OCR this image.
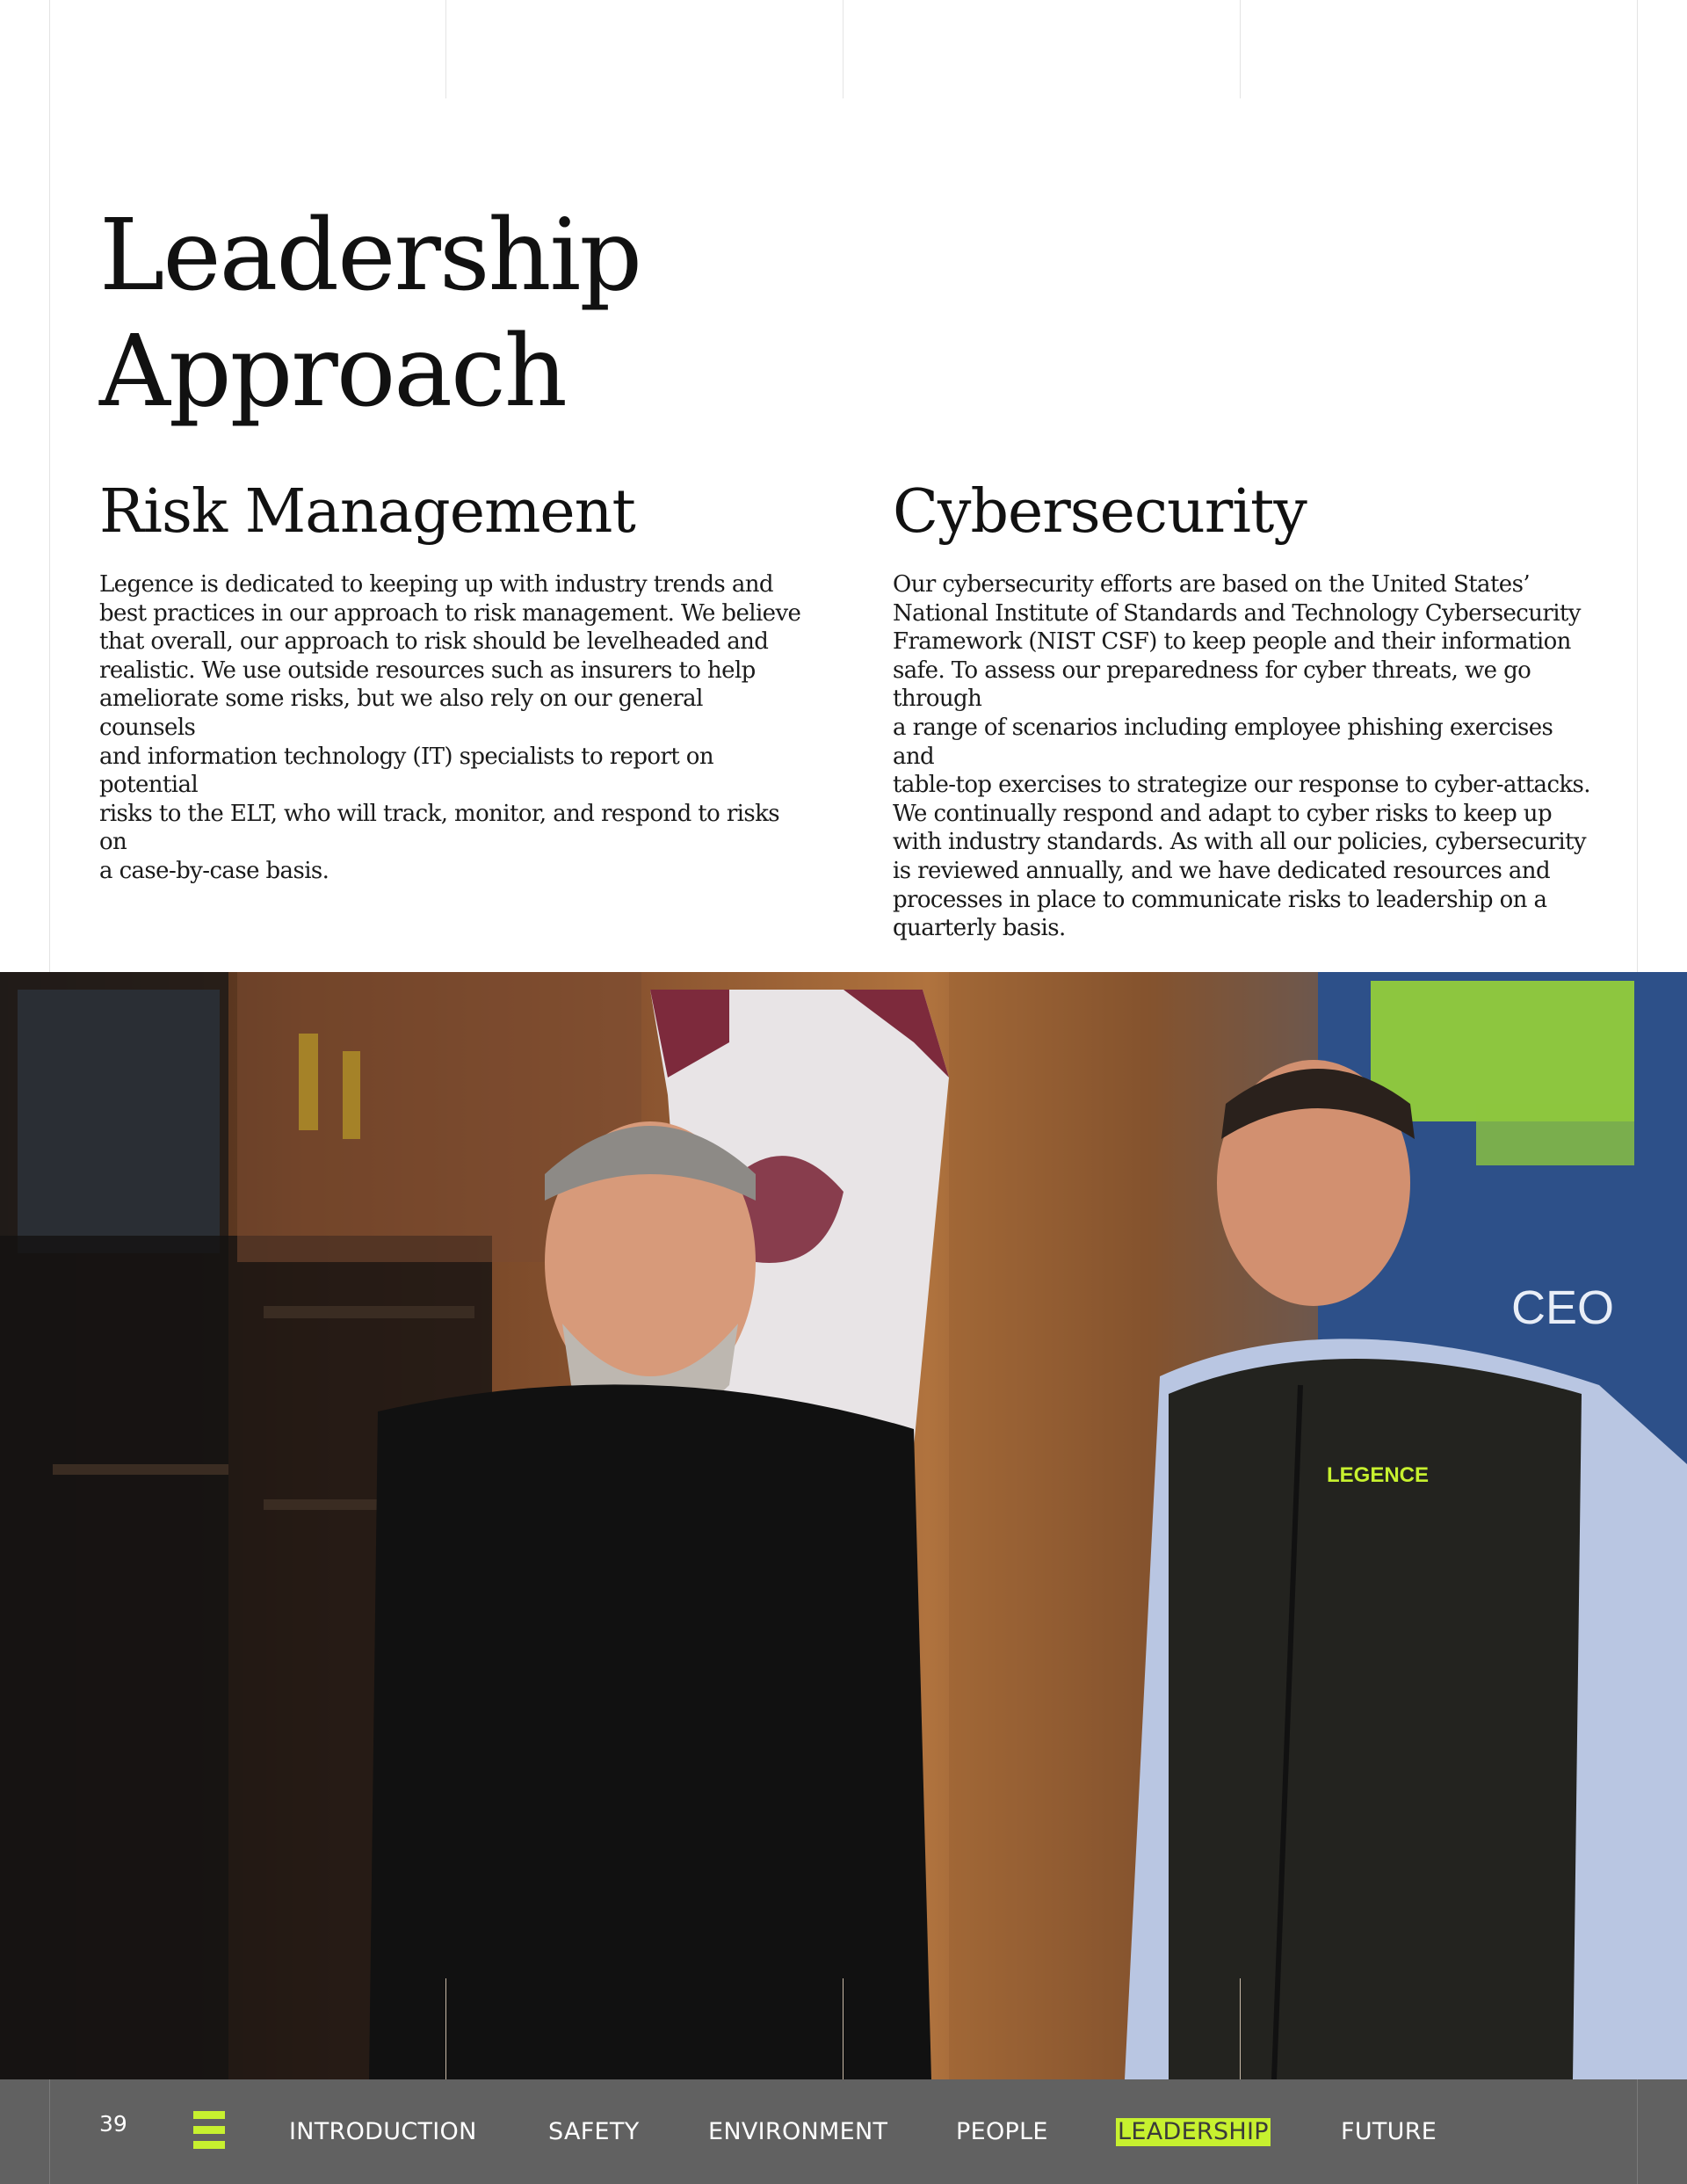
Leadership
Approach
Risk Management

Legence is dedicated to keeping up with industry trends and
best practices in our approach to risk management. We believe
that overall, our approach to risk should be levelheaded and
realistic. We use outside resources such as insurers to help
ameliorate some risks, but we also rely on our general counsels
and information technology (IT) specialists to report on potential
risks to the ELT, who will track, monitor, and respond to risks on
a case-by-case basis.

Cybersecurity

Our cybersecurity efforts are based on the United States’
National Institute of Standards and Technology Cybersecurity
Framework (NIST CSF) to keep people and their information
safe. To assess our preparedness for cyber threats, we go through
a range of scenarios including employee phishing exercises and
table-top exercises to strategize our response to cyber-attacks.
We continually respond and adapt to cyber risks to keep up
with industry standards. As with all our policies, cybersecurity
is reviewed annually, and we have dedicated resources and
processes in place to communicate risks to leadership on a
quarterly basis.

CEO
LEGENCE
39	INTRODUCTION	SAFETY	ENVIRONMENT	PEOPLE	LEADERSHIP	FUTURE
